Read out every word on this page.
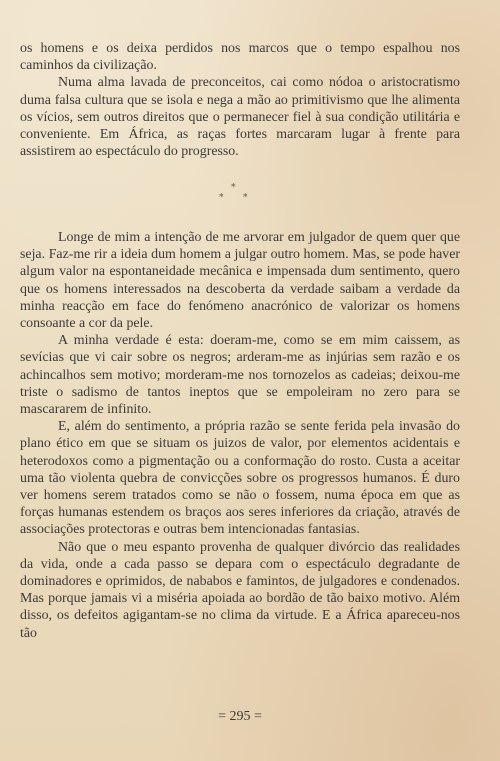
os homens e os deixa perdidos nos marcos que o tempo espalhou nos caminhos da civilização.

Numa alma lavada de preconceitos, cai como nódoa o aristocratismo duma falsa cultura que se isola e nega a mão ao primitivismo que lhe alimenta os vícios, sem outros direitos que o permanecer fiel à sua condição utilitária e conveniente. Em África, as raças fortes marcaram lugar à frente para assistirem ao espectáculo do progresso.

*
* *

Longe de mim a intenção de me arvorar em julgador de quem quer que seja. Faz-me rir a ideia dum homem a julgar outro homem. Mas, se pode haver algum valor na espontaneidade mecânica e impensada dum sentimento, quero que os homens interessados na descoberta da verdade saibam a verdade da minha reacção em face do fenómeno anacrónico de valorizar os homens consoante a cor da pele.

A minha verdade é esta: doeram-me, como se em mim caissem, as sevícias que vi cair sobre os negros; arderam-me as injúrias sem razão e os achincalhos sem motivo; morderam-me nos tornozelos as cadeias; deixou-me triste o sadismo de tantos ineptos que se empoleiram no zero para se mascararem de infinito.

E, além do sentimento, a própria razão se sente ferida pela invasão do plano ético em que se situam os juizos de valor, por elementos acidentais e heterodoxos como a pigmentação ou a conformação do rosto. Custa a aceitar uma tão violenta quebra de convicções sobre os progressos humanos. É duro ver homens serem tratados como se não o fossem, numa época em que as forças humanas estendem os braços aos seres inferiores da criação, através de associações protectoras e outras bem intencionadas fantasias.

Não que o meu espanto provenha de qualquer divórcio das realidades da vida, onde a cada passo se depara com o espectáculo degradante de dominadores e oprimidos, de nababos e famintos, de julgadores e condenados. Mas porque jamais vi a miséria apoiada ao bordão de tão baixo motivo. Além disso, os defeitos agigantam-se no clima da virtude. E a África apareceu-nos tão

= 295 =
